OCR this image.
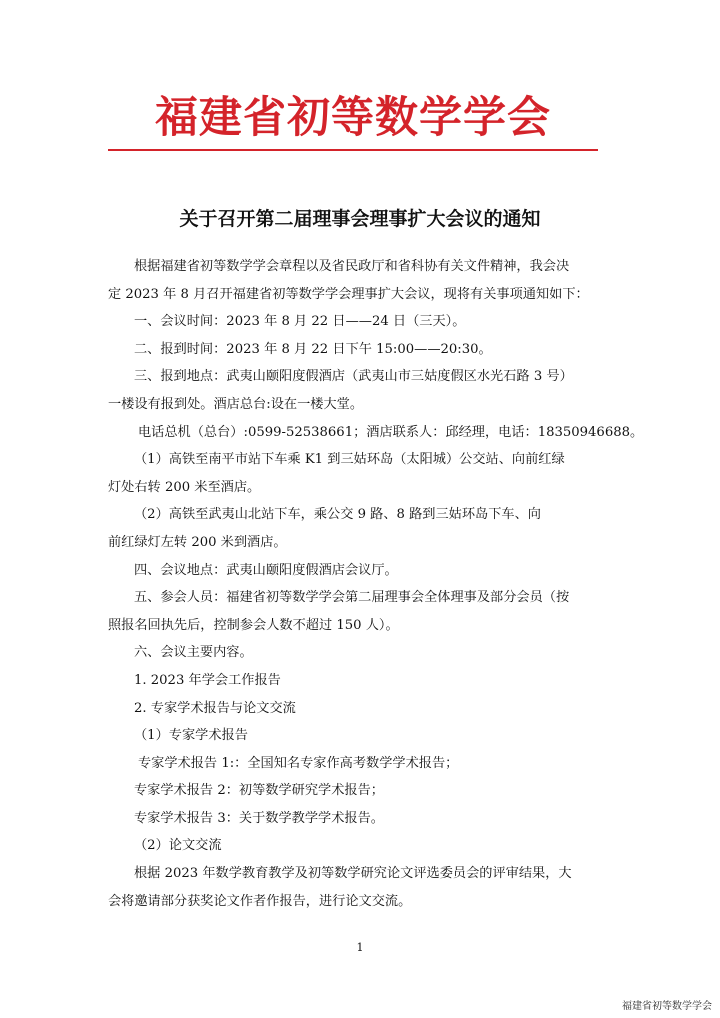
福建省初等数学学会
关于召开第二届理事会理事扩大会议的通知

根据福建省初等数学学会章程以及省民政厅和省科协有关文件精神，我会决

定 2023 年 8 月召开福建省初等数学学会理事扩大会议，现将有关事项通知如下：

一、会议时间：2023 年 8 月 22 日——24 日（三天）。

二、报到时间：2023 年 8 月 22 日下午 15:00——20:30。

三、报到地点：武夷山颐阳度假酒店（武夷山市三姑度假区水光石路 3 号）

一楼设有报到处。酒店总台:设在一楼大堂。

电话总机（总台）:0599-52538661；酒店联系人：邱经理，电话：18350946688。

（1）高铁至南平市站下车乘 K1 到三姑环岛（太阳城）公交站、向前红绿

灯处右转 200 米至酒店。

（2）高铁至武夷山北站下车，乘公交 9 路、8 路到三姑环岛下车、向

前红绿灯左转 200 米到酒店。

四、会议地点：武夷山颐阳度假酒店会议厅。

五、参会人员：福建省初等数学学会第二届理事会全体理事及部分会员（按

照报名回执先后，控制参会人数不超过 150 人）。

六、会议主要内容。

1. 2023 年学会工作报告

2. 专家学术报告与论文交流

（1）专家学术报告

专家学术报告 1:：全国知名专家作高考数学学术报告；

专家学术报告 2：初等数学研究学术报告；

专家学术报告 3：关于数学教学学术报告。

（2）论文交流

根据 2023 年数学教育教学及初等数学研究论文评选委员会的评审结果，大

会将邀请部分获奖论文作者作报告，进行论文交流。

1
福建省初等数学学会
